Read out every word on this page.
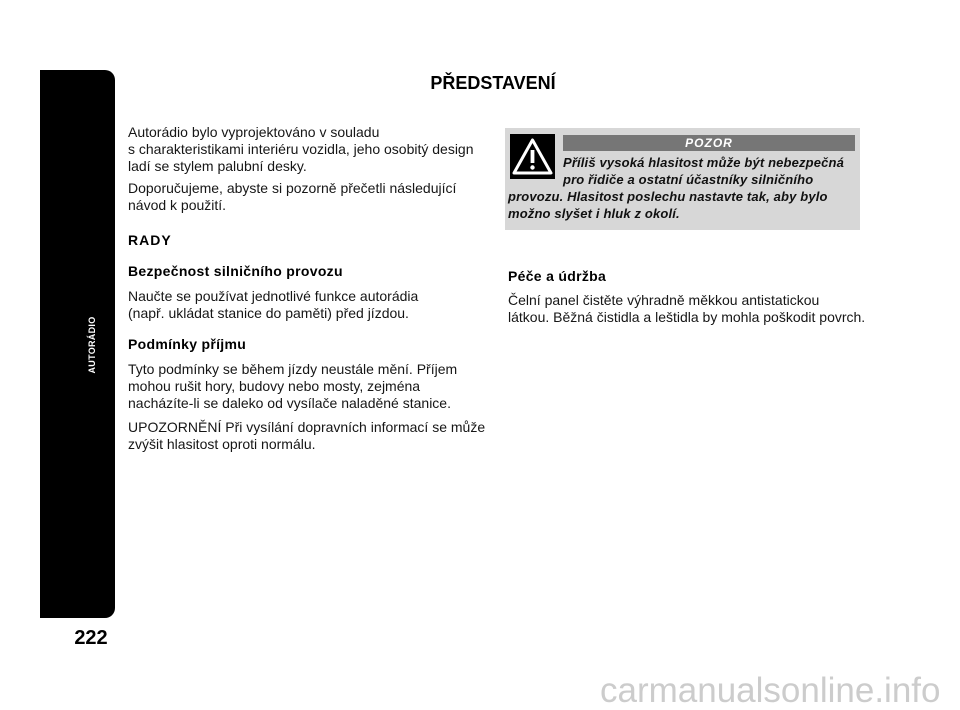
AUTORÁDIO
222
PŘEDSTAVENÍ
Autorádio bylo vyprojektováno v souladu
s charakteristikami interiéru vozidla, jeho osobitý design
ladí se stylem palubní desky.
Doporučujeme, abyste si pozorně přečetli následující
návod k použití.
RADY
Bezpečnost silničního provozu
Naučte se používat jednotlivé funkce autorádia
(např. ukládat stanice do paměti) před jízdou.
Podmínky příjmu
Tyto podmínky se během jízdy neustále mění. Příjem
mohou rušit hory, budovy nebo mosty, zejména
nacházíte-li se daleko od vysílače naladěné stanice.
UPOZORNĚNÍ Při vysílání dopravních informací se může
zvýšit hlasitost oproti normálu.
POZOR
Příliš vysoká hlasitost může být nebezpečná
pro řidiče a ostatní účastníky silničního
provozu. Hlasitost poslechu nastavte tak, aby bylo
možno slyšet i hluk z okolí.
Péče a údržba
Čelní panel čistěte výhradně měkkou antistatickou
látkou. Běžná čistidla a leštidla by mohla poškodit povrch.
carmanualsonline.info
